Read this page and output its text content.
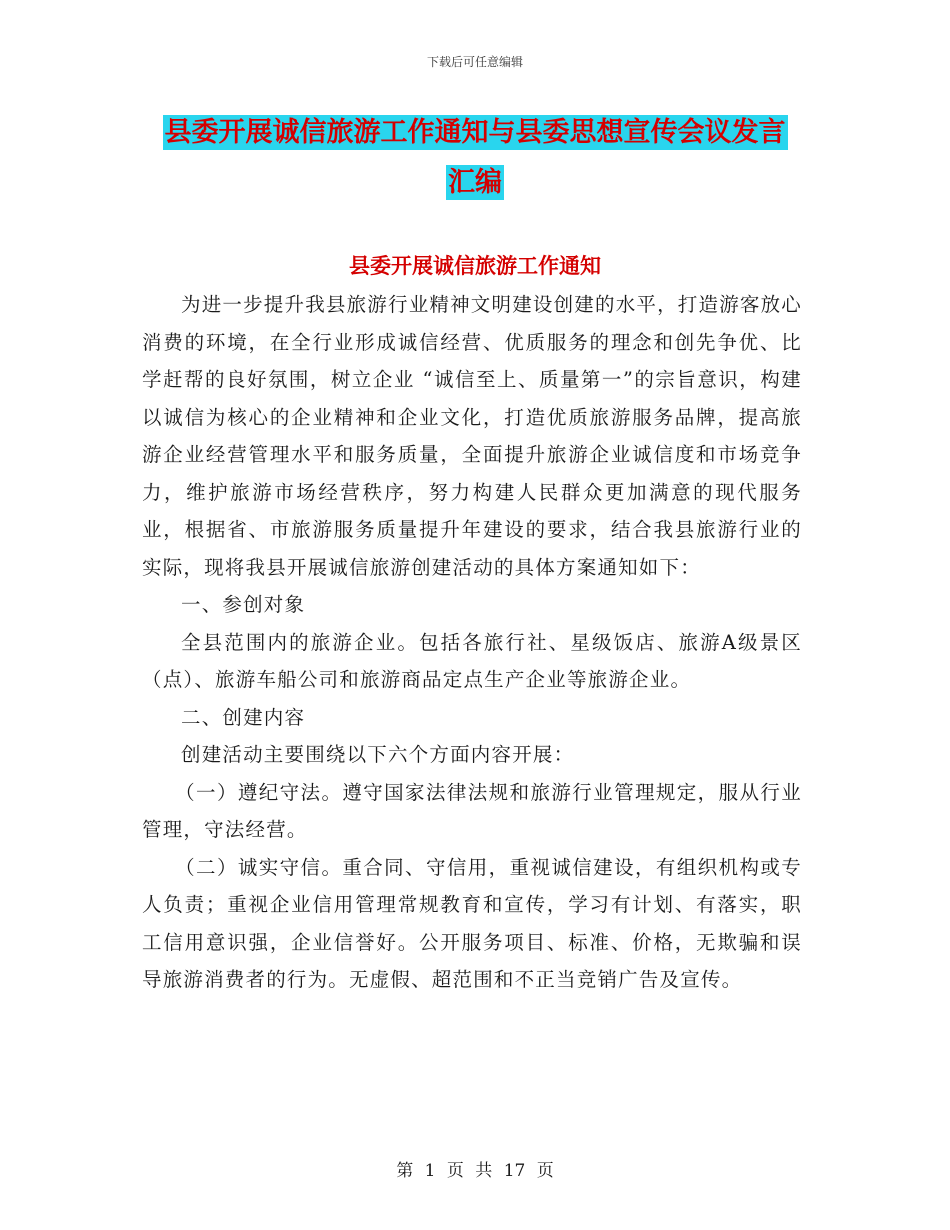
下载后可任意编辑
县委开展诚信旅游工作通知与县委思想宣传会议发言
汇编
县委开展诚信旅游工作通知

为进一步提升我县旅游行业精神文明建设创建的水平，打造游客放心消费的环境，在全行业形成诚信经营、优质服务的理念和创先争优、比学赶帮的良好氛围，树立企业 “诚信至上、质量第一”的宗旨意识，构建以诚信为核心的企业精神和企业文化，打造优质旅游服务品牌，提高旅游企业经营管理水平和服务质量，全面提升旅游企业诚信度和市场竞争力，维护旅游市场经营秩序，努力构建人民群众更加满意的现代服务业，根据省、市旅游服务质量提升年建设的要求，结合我县旅游行业的实际，现将我县开展诚信旅游创建活动的具体方案通知如下：

一、参创对象

全县范围内的旅游企业。包括各旅行社、星级饭店、旅游A级景区（点）、旅游车船公司和旅游商品定点生产企业等旅游企业。

二、创建内容

创建活动主要围绕以下六个方面内容开展：

（一）遵纪守法。遵守国家法律法规和旅游行业管理规定，服从行业管理，守法经营。

（二）诚实守信。重合同、守信用，重视诚信建设，有组织机构或专人负责；重视企业信用管理常规教育和宣传，学习有计划、有落实，职工信用意识强，企业信誉好。公开服务项目、标准、价格，无欺骗和误导旅游消费者的行为。无虚假、超范围和不正当竞销广告及宣传。

第 1 页 共 17 页
